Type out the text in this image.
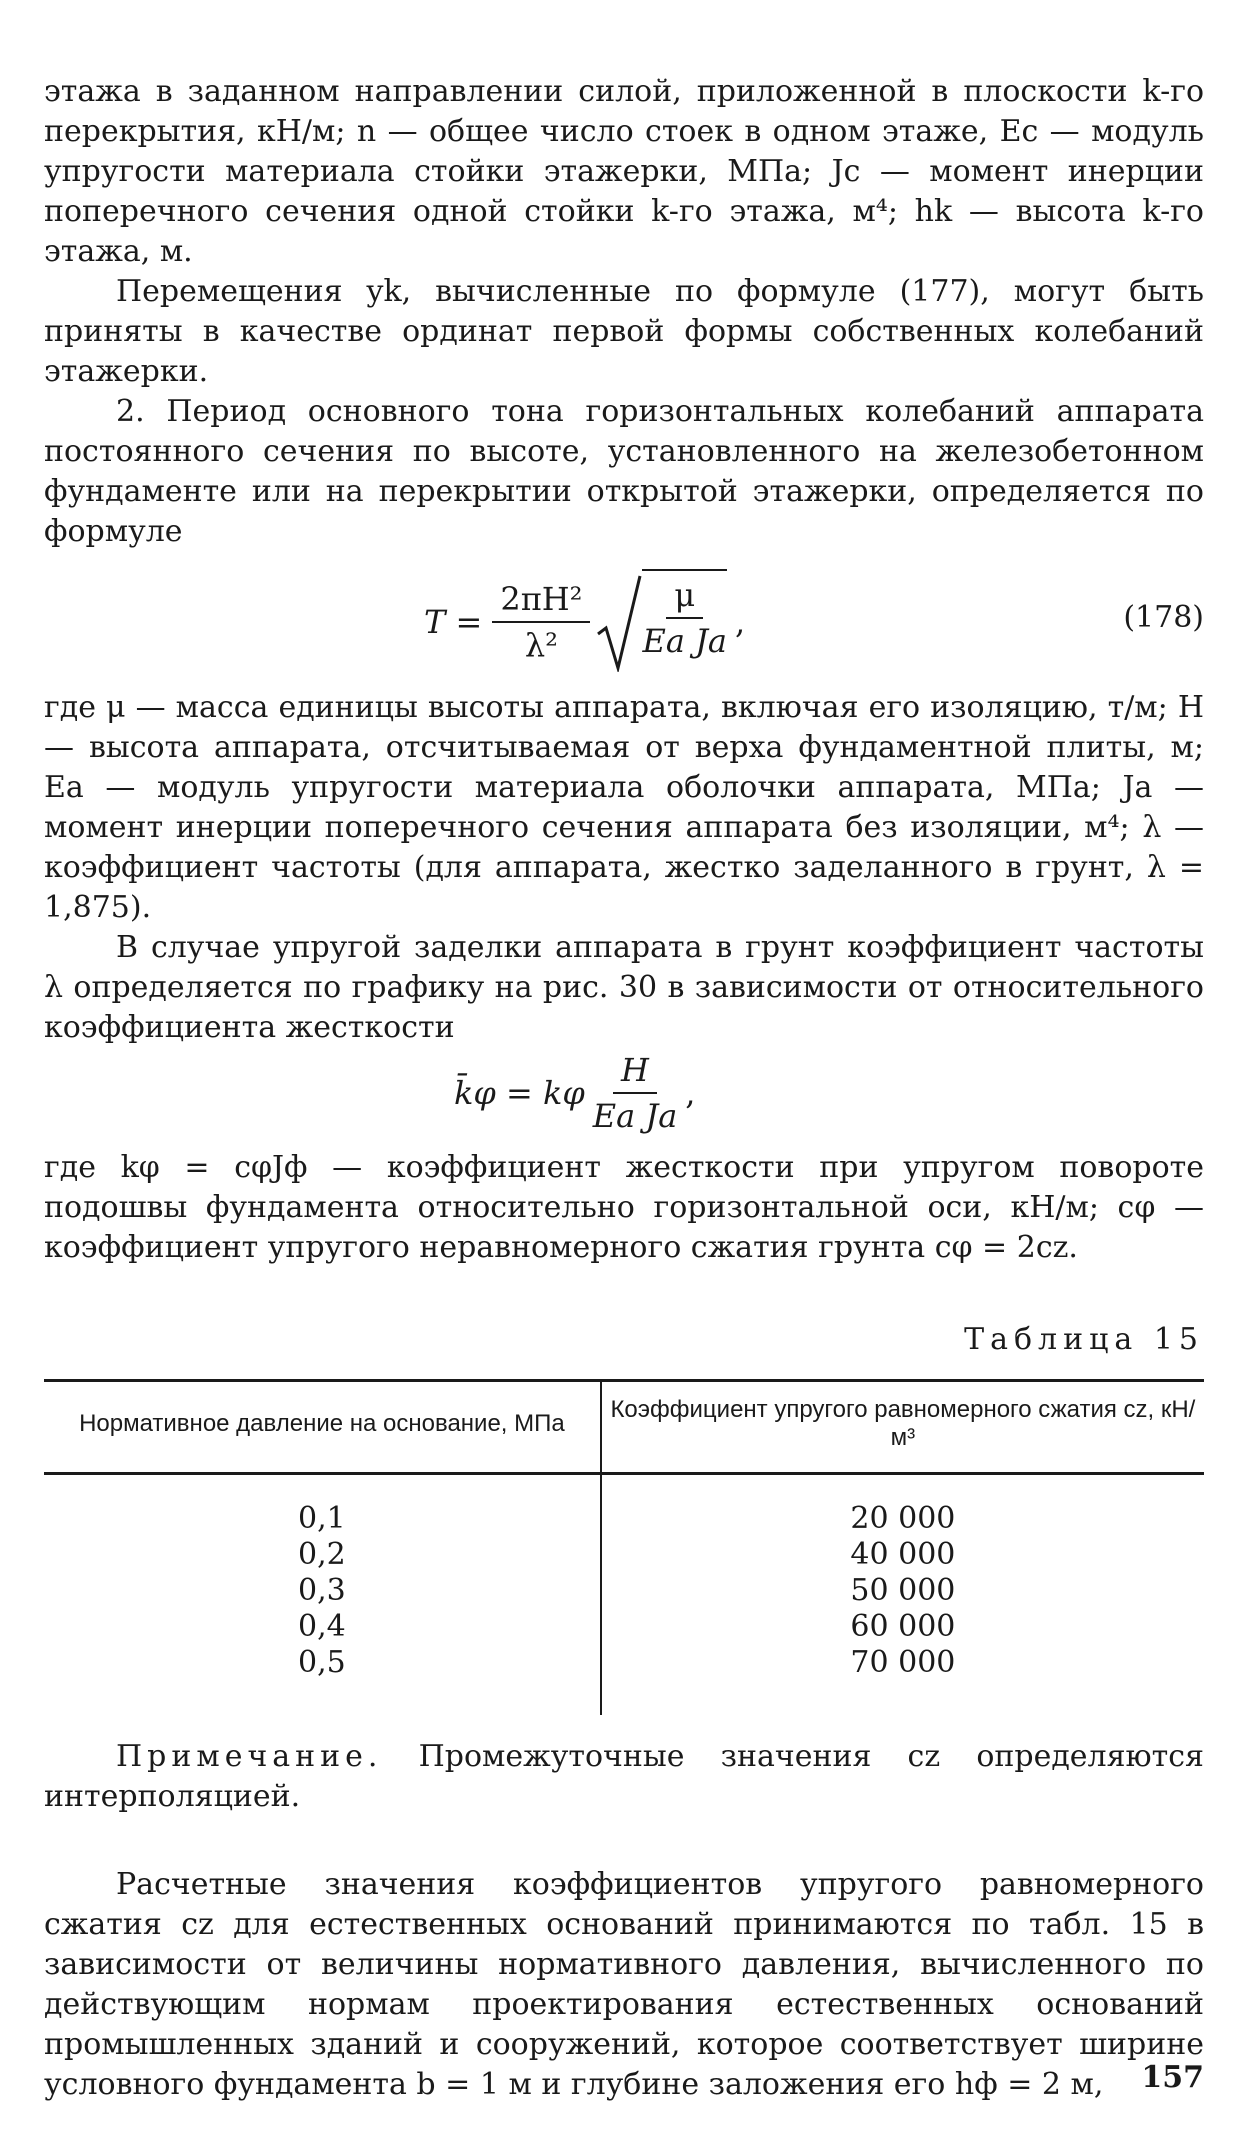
этажа в заданном направлении силой, приложенной в плоскости k-го перекрытия, кН/м; n — общее число стоек в одном этаже, Eс — модуль упругости материала стойки этажерки, МПа; Jс — момент инерции поперечного сечения одной стойки k-го этажа, м⁴; hk — высота k-го этажа, м.

Перемещения yk, вычисленные по формуле (177), могут быть приняты в качестве ординат первой формы собственных колебаний этажерки.

2. Период основного тона горизонтальных колебаний аппарата постоянного сечения по высоте, установленного на железобетонном фундаменте или на перекрытии открытой этажерки, определяется по формуле

$T = \frac{\text{2πH²}}{\text{λ²}} \frac{\mu}{\text{Eа Jа}}$ ,	(178)

где μ — масса единицы высоты аппарата, включая его изоляцию, т/м; H — высота аппарата, отсчитываемая от верха фундаментной плиты, м; Eа — модуль упругости материала оболочки аппарата, МПа; Jа — момент инерции поперечного сечения аппарата без изоляции, м⁴; λ — коэффициент частоты (для аппарата, жестко заделанного в грунт, λ = 1,875).

В случае упругой заделки аппарата в грунт коэффициент частоты λ определяется по графику на рис. 30 в зависимости от относительного коэффициента жесткости

k̄φ = kφ $\frac{H}{\text{Eа Jа}}$ ,

где kφ = cφJф — коэффициент жесткости при упругом повороте подошвы фундамента относительно горизонтальной оси, кН/м; cφ — коэффициент упругого неравномерного сжатия грунта cφ = 2cz.

Таблица 15
Нормативное давление на основание, МПа	Коэффициент упругого равномерного сжатия cz, кН/м³
0,1	20 000
0,2	40 000
0,3	50 000
0,4	60 000
0,5	70 000

Примечание. Промежуточные значения cz определяются интерполяцией.

Расчетные значения коэффициентов упругого равномерного сжатия cz для естественных оснований принимаются по табл. 15 в зависимости от величины нормативного давления, вычисленного по действующим нормам проектирования естественных оснований промышленных зданий и сооружений, которое соответствует ширине условного фундамента b = 1 м и глубине заложения его hф = 2 м,	157
